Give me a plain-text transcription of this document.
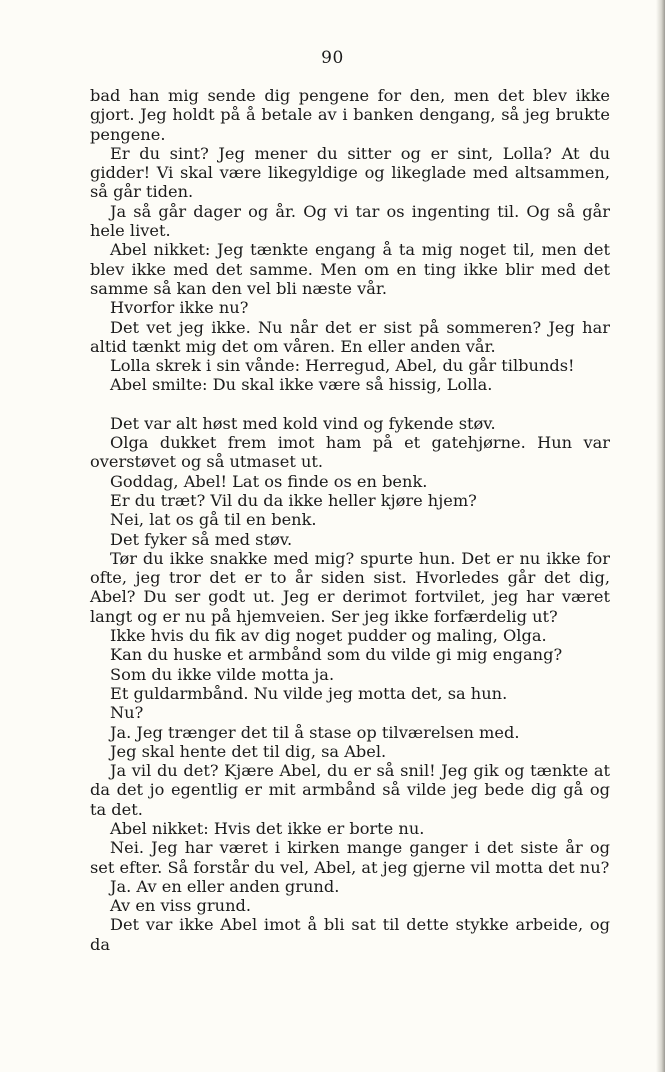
90

bad han mig sende dig pengene for den, men det blev ikke gjort. Jeg holdt på å betale av i banken dengang, så jeg brukte pengene.

Er du sint? Jeg mener du sitter og er sint, Lolla? At du gidder! Vi skal være likegyldige og likeglade med altsammen, så går tiden.

Ja så går dager og år. Og vi tar os ingenting til. Og så går hele livet.

Abel nikket: Jeg tænkte engang å ta mig noget til, men det blev ikke med det samme. Men om en ting ikke blir med det samme så kan den vel bli næste vår.

Hvorfor ikke nu?

Det vet jeg ikke. Nu når det er sist på sommeren? Jeg har altid tænkt mig det om våren. En eller anden vår.

Lolla skrek i sin vånde: Herregud, Abel, du går tilbunds!

Abel smilte: Du skal ikke være så hissig, Lolla.

Det var alt høst med kold vind og fykende støv.

Olga dukket frem imot ham på et gatehjørne. Hun var overstøvet og så utmaset ut.

Goddag, Abel! Lat os finde os en benk.

Er du træt? Vil du da ikke heller kjøre hjem?

Nei, lat os gå til en benk.

Det fyker så med støv.

Tør du ikke snakke med mig? spurte hun. Det er nu ikke for ofte, jeg tror det er to år siden sist. Hvorledes går det dig, Abel? Du ser godt ut. Jeg er derimot fortvilet, jeg har været langt og er nu på hjemveien. Ser jeg ikke forfærdelig ut?

Ikke hvis du fik av dig noget pudder og maling, Olga.

Kan du huske et armbånd som du vilde gi mig engang?

Som du ikke vilde motta ja.

Et guldarmbånd. Nu vilde jeg motta det, sa hun.

Nu?

Ja. Jeg trænger det til å stase op tilværelsen med.

Jeg skal hente det til dig, sa Abel.

Ja vil du det? Kjære Abel, du er så snil! Jeg gik og tænkte at da det jo egentlig er mit armbånd så vilde jeg bede dig gå og ta det.

Abel nikket: Hvis det ikke er borte nu.

Nei. Jeg har været i kirken mange ganger i det siste år og set efter. Så forstår du vel, Abel, at jeg gjerne vil motta det nu?

Ja. Av en eller anden grund.

Av en viss grund.

Det var ikke Abel imot å bli sat til dette stykke arbeide, og da
